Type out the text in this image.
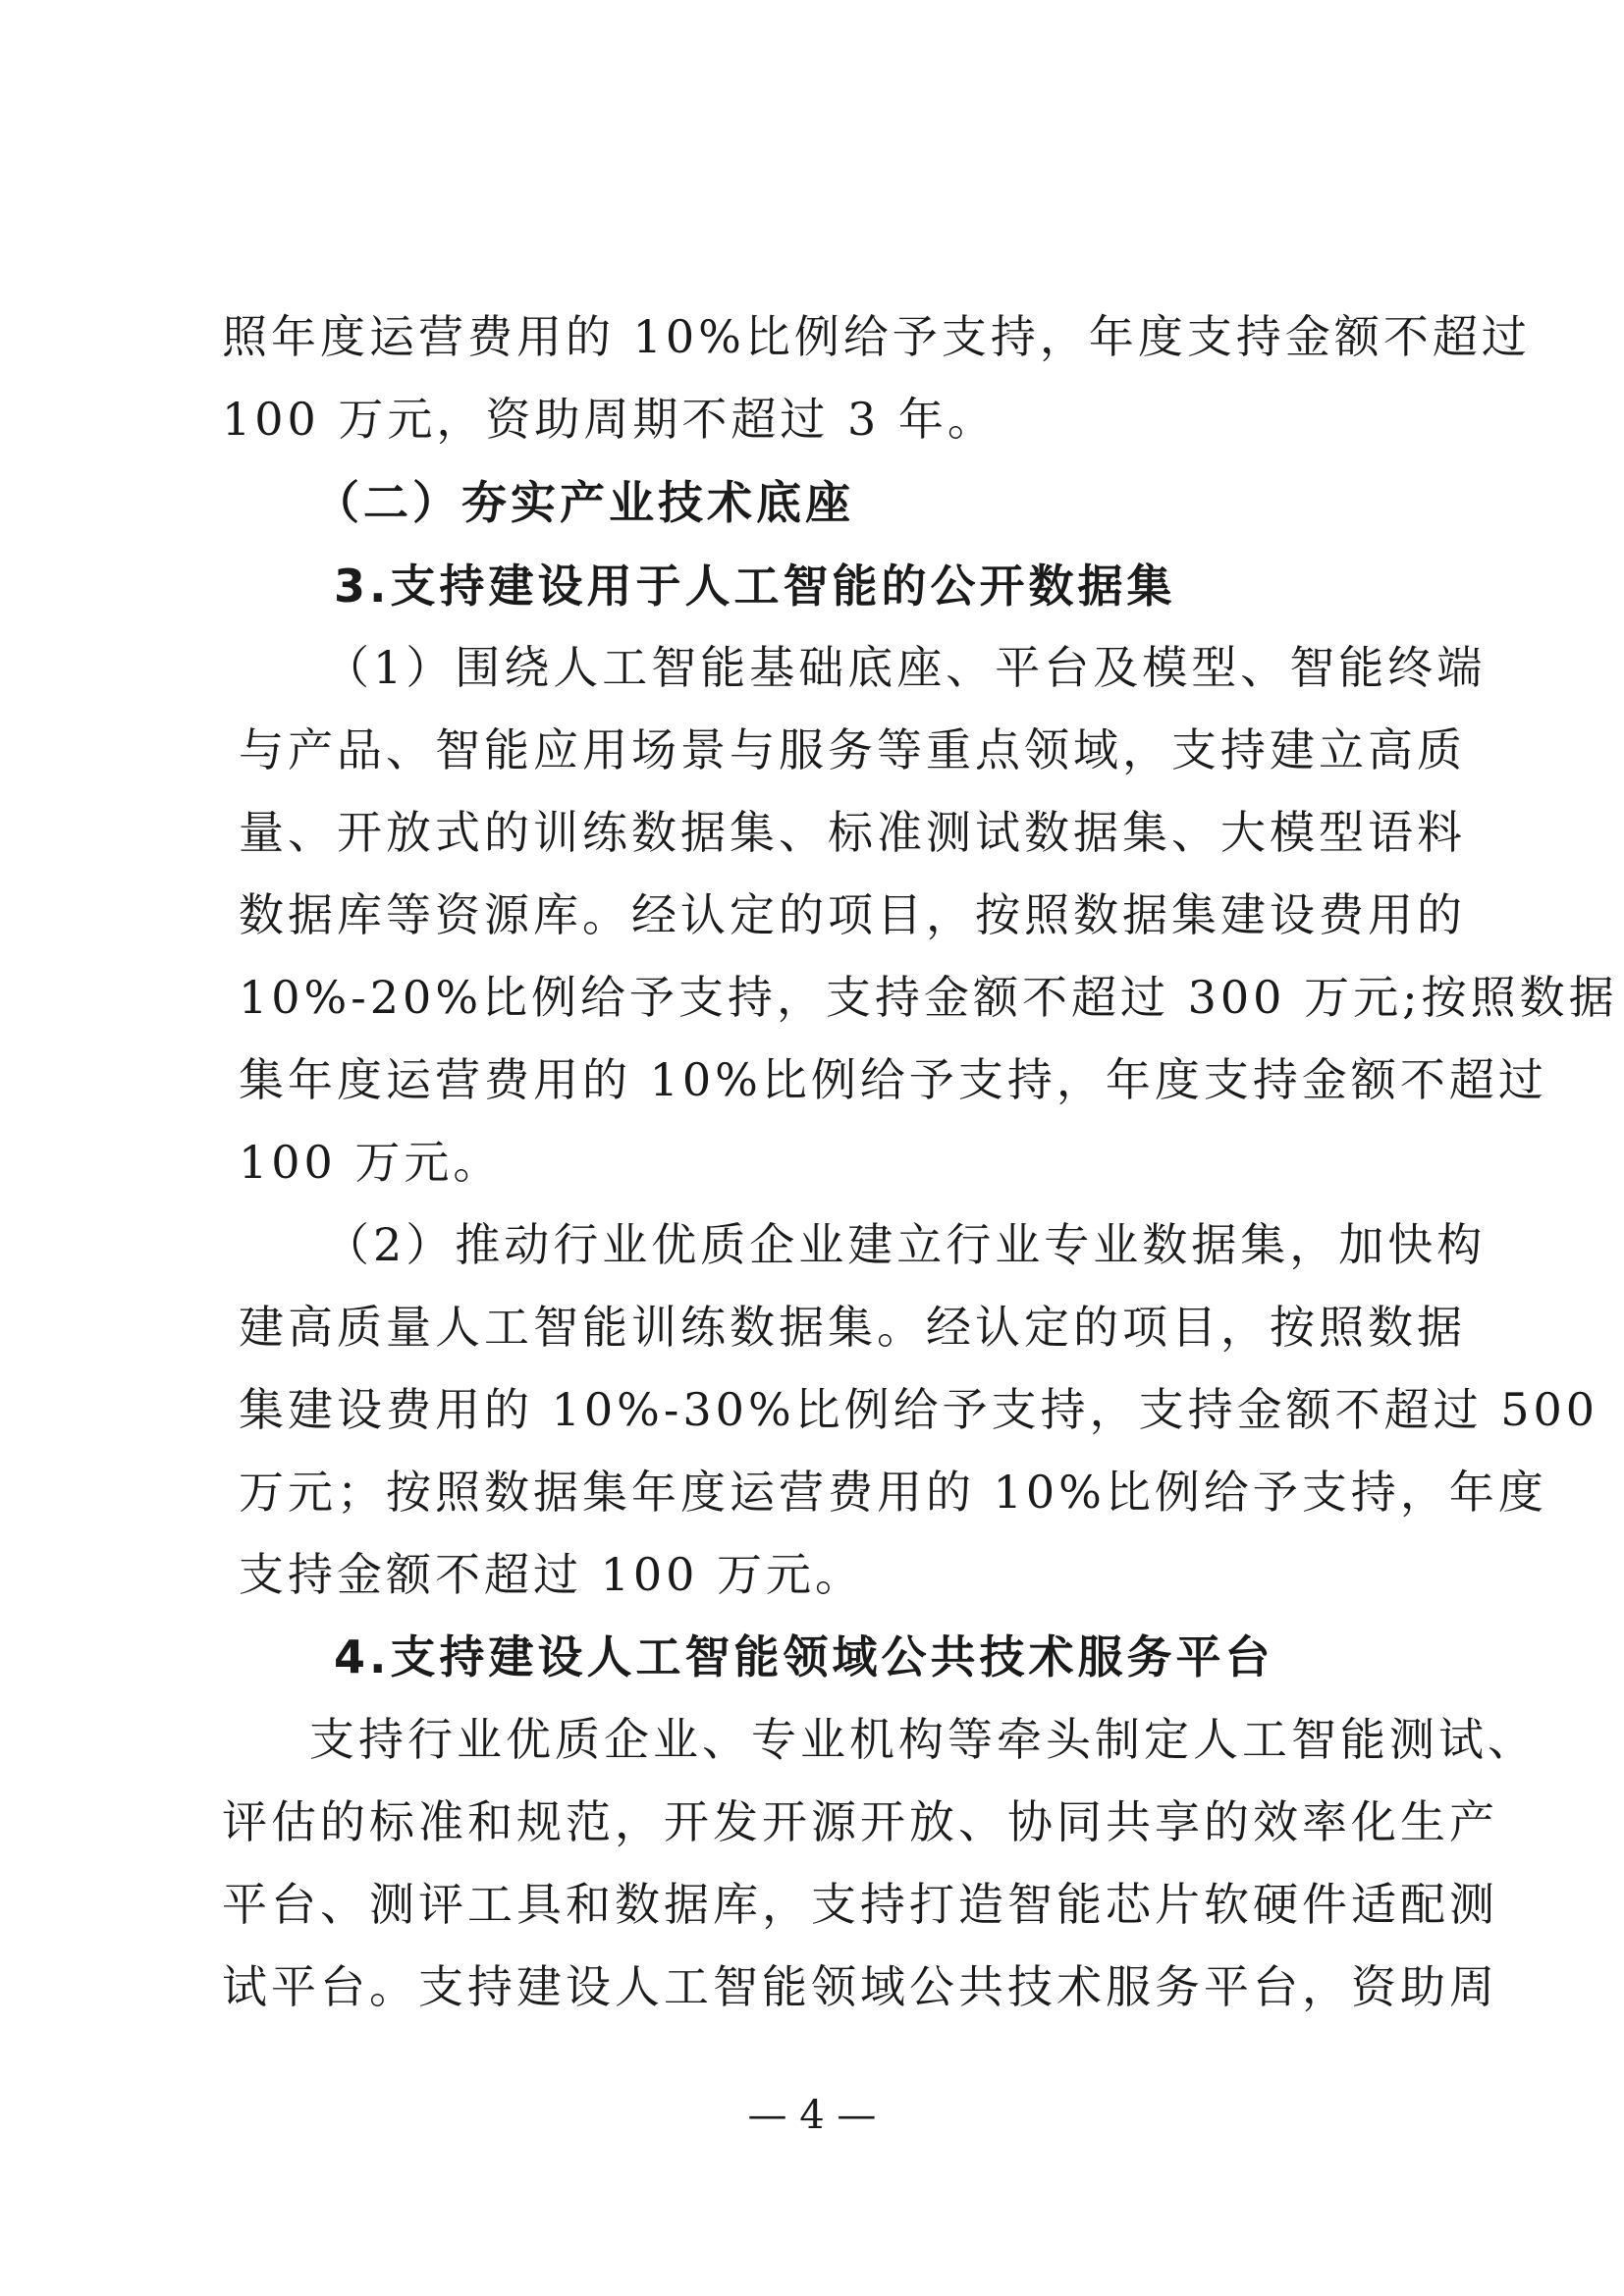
照年度运营费用的 10%比例给予支持，年度支持金额不超过
100 万元，资助周期不超过 3 年。
（二）夯实产业技术底座
3.支持建设用于人工智能的公开数据集
（1）围绕人工智能基础底座、平台及模型、智能终端
与产品、智能应用场景与服务等重点领域，支持建立高质
量、开放式的训练数据集、标准测试数据集、大模型语料
数据库等资源库。经认定的项目，按照数据集建设费用的
10%-20%比例给予支持，支持金额不超过 300 万元;按照数据
集年度运营费用的 10%比例给予支持，年度支持金额不超过
100 万元。
（2）推动行业优质企业建立行业专业数据集，加快构
建高质量人工智能训练数据集。经认定的项目，按照数据
集建设费用的 10%-30%比例给予支持，支持金额不超过 500
万元；按照数据集年度运营费用的 10%比例给予支持，年度
支持金额不超过 100 万元。
4.支持建设人工智能领域公共技术服务平台
支持行业优质企业、专业机构等牵头制定人工智能测试、
评估的标准和规范，开发开源开放、协同共享的效率化生产
平台、测评工具和数据库，支持打造智能芯片软硬件适配测
试平台。支持建设人工智能领域公共技术服务平台，资助周
— 4 —
